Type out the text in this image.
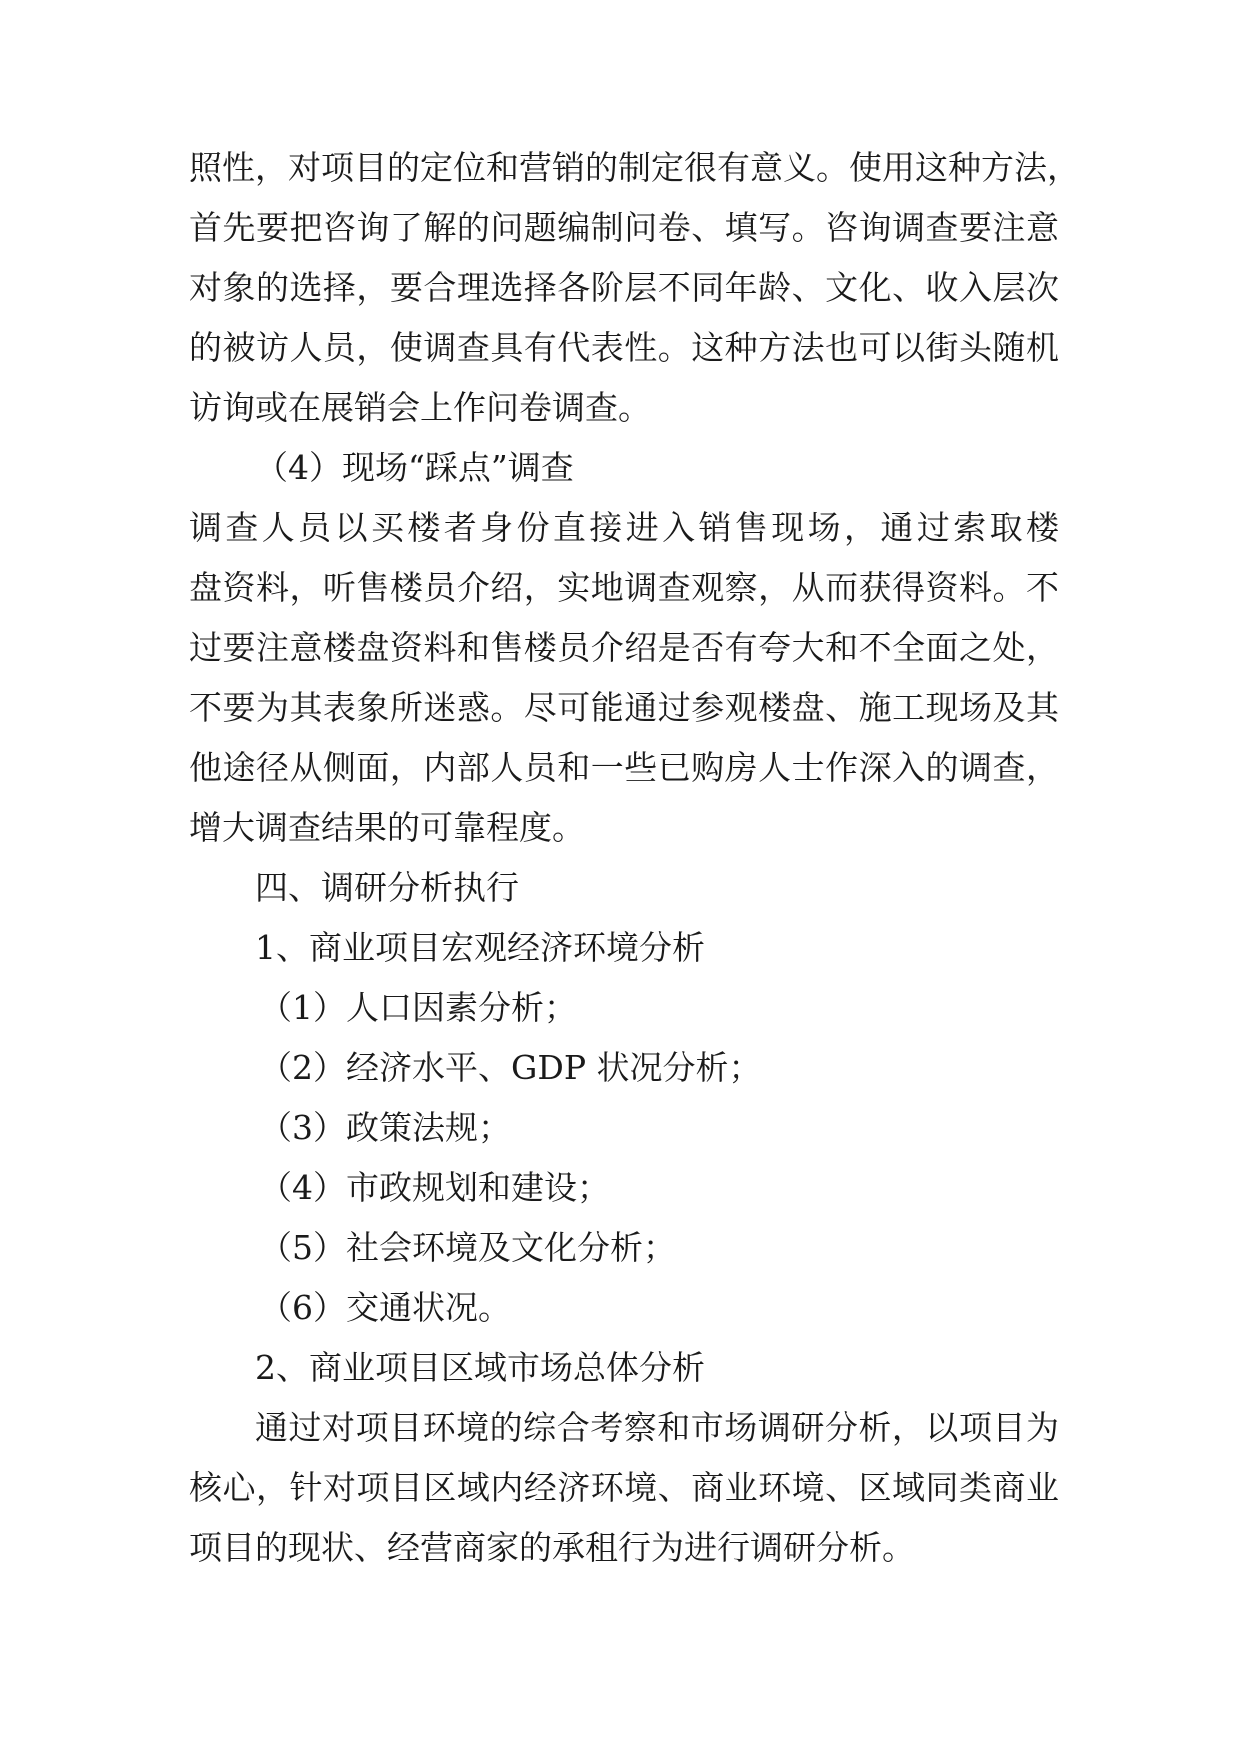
照性，对项目的定位和营销的制定很有意义。使用这种方法，
首先要把咨询了解的问题编制问卷、填写。咨询调查要注意
对象的选择，要合理选择各阶层不同年龄、文化、收入层次
的被访人员，使调查具有代表性。这种方法也可以街头随机
访询或在展销会上作问卷调查。
（4）现场“踩点”调查
调查人员以买楼者身份直接进入销售现场，通过索取楼
盘资料，听售楼员介绍，实地调查观察，从而获得资料。不
过要注意楼盘资料和售楼员介绍是否有夸大和不全面之处，
不要为其表象所迷惑。尽可能通过参观楼盘、施工现场及其
他途径从侧面，内部人员和一些已购房人士作深入的调查，
增大调查结果的可靠程度。
四、调研分析执行
1、商业项目宏观经济环境分析
（1）人口因素分析；
（2）经济水平、GDP 状况分析；
（3）政策法规；
（4）市政规划和建设；
（5）社会环境及文化分析；
（6）交通状况。
2、商业项目区域市场总体分析
通过对项目环境的综合考察和市场调研分析，以项目为
核心，针对项目区域内经济环境、商业环境、区域同类商业
项目的现状、经营商家的承租行为进行调研分析。
